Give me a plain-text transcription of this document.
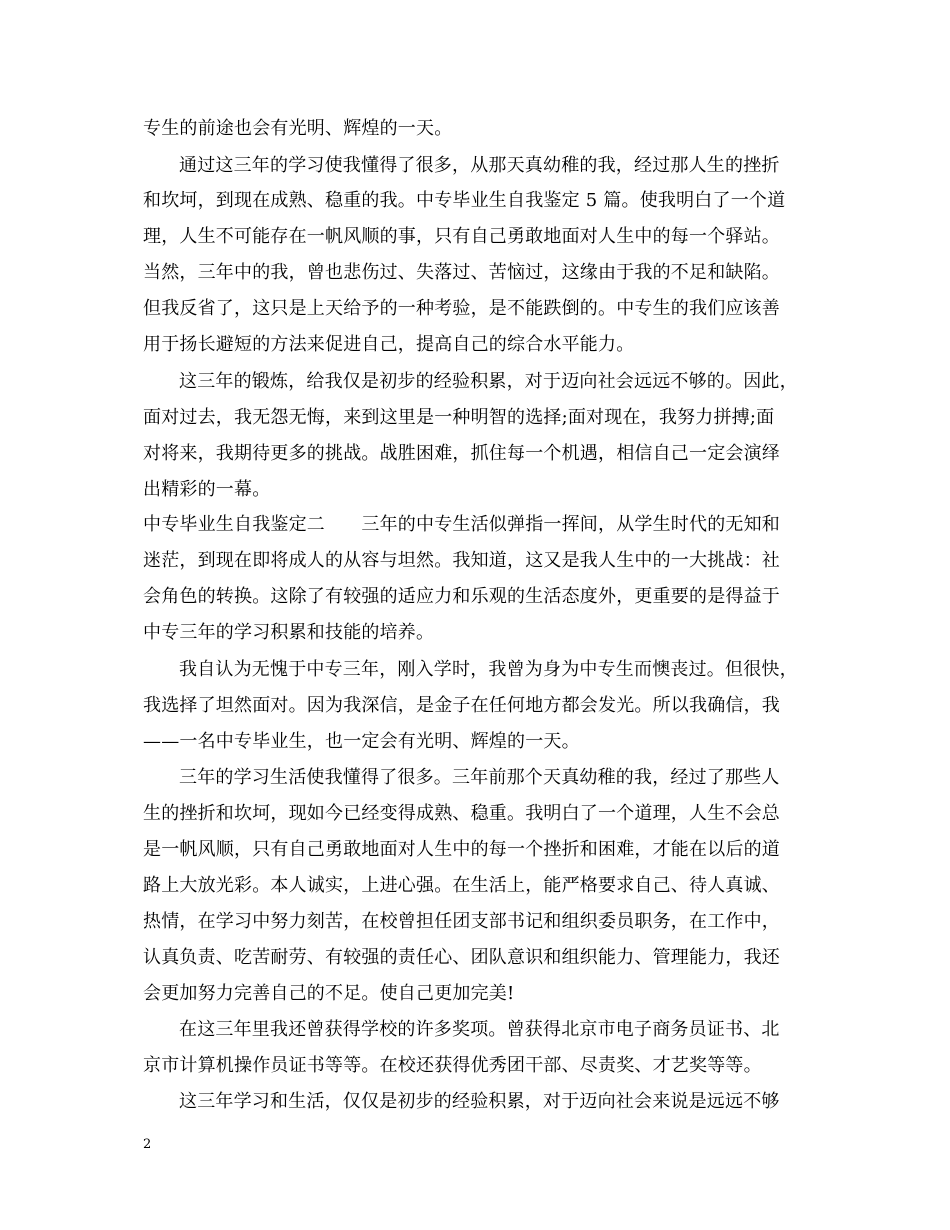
专生的前途也会有光明、辉煌的一天。
通过这三年的学习使我懂得了很多，从那天真幼稚的我，经过那人生的挫折
和坎坷，到现在成熟、稳重的我。中专毕业生自我鉴定 5 篇。使我明白了一个道
理，人生不可能存在一帆风顺的事，只有自己勇敢地面对人生中的每一个驿站。
当然，三年中的我，曾也悲伤过、失落过、苦恼过，这缘由于我的不足和缺陷。
但我反省了，这只是上天给予的一种考验，是不能跌倒的。中专生的我们应该善
用于扬长避短的方法来促进自己，提高自己的综合水平能力。
这三年的锻炼，给我仅是初步的经验积累，对于迈向社会远远不够的。因此，
面对过去，我无怨无悔，来到这里是一种明智的选择;面对现在，我努力拼搏;面
对将来，我期待更多的挑战。战胜困难，抓住每一个机遇，相信自己一定会演绎
出精彩的一幕。
中专毕业生自我鉴定二　　三年的中专生活似弹指一挥间，从学生时代的无知和
迷茫，到现在即将成人的从容与坦然。我知道，这又是我人生中的一大挑战：社
会角色的转换。这除了有较强的适应力和乐观的生活态度外，更重要的是得益于
中专三年的学习积累和技能的培养。
我自认为无愧于中专三年，刚入学时，我曾为身为中专生而懊丧过。但很快，
我选择了坦然面对。因为我深信，是金子在任何地方都会发光。所以我确信，我
——一名中专毕业生，也一定会有光明、辉煌的一天。
三年的学习生活使我懂得了很多。三年前那个天真幼稚的我，经过了那些人
生的挫折和坎坷，现如今已经变得成熟、稳重。我明白了一个道理，人生不会总
是一帆风顺，只有自己勇敢地面对人生中的每一个挫折和困难，才能在以后的道
路上大放光彩。本人诚实，上进心强。在生活上，能严格要求自己、待人真诚、
热情，在学习中努力刻苦，在校曾担任团支部书记和组织委员职务，在工作中，
认真负责、吃苦耐劳、有较强的责任心、团队意识和组织能力、管理能力，我还
会更加努力完善自己的不足。使自己更加完美!
在这三年里我还曾获得学校的许多奖项。曾获得北京市电子商务员证书、北
京市计算机操作员证书等等。在校还获得优秀团干部、尽责奖、才艺奖等等。
这三年学习和生活，仅仅是初步的经验积累，对于迈向社会来说是远远不够
2
